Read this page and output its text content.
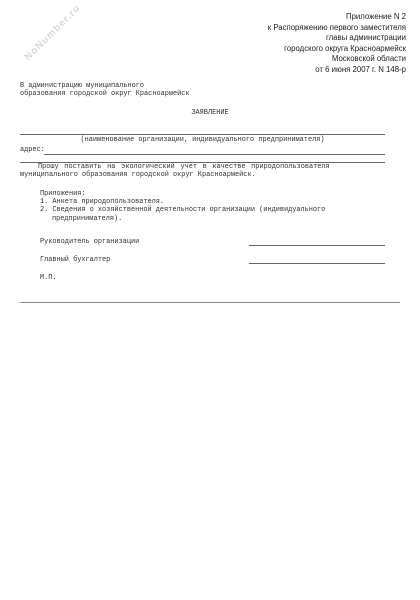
NoNumber.ru	Приложение N 2
к Распоряжению первого заместителя
главы администрации
городского округа Красноармейск
Московской области
от 6 июня 2007 г. N 148-р
В администрацию муниципального
образования городской округ Красноармейск
ЗАЯВЛЕНИЕ
(наименование организации, индивидуального предпринимателя)
адрес:
Прошу поставить на экологический учет в качестве природопользователя
муниципального образования городской округ Красноармейск.
Приложения:
1. Анкета природопользователя.
2. Сведения о хозяйственной деятельности организации (индивидуального
предпринимателя).
Руководитель организации
Главный бухгалтер
М.П.
